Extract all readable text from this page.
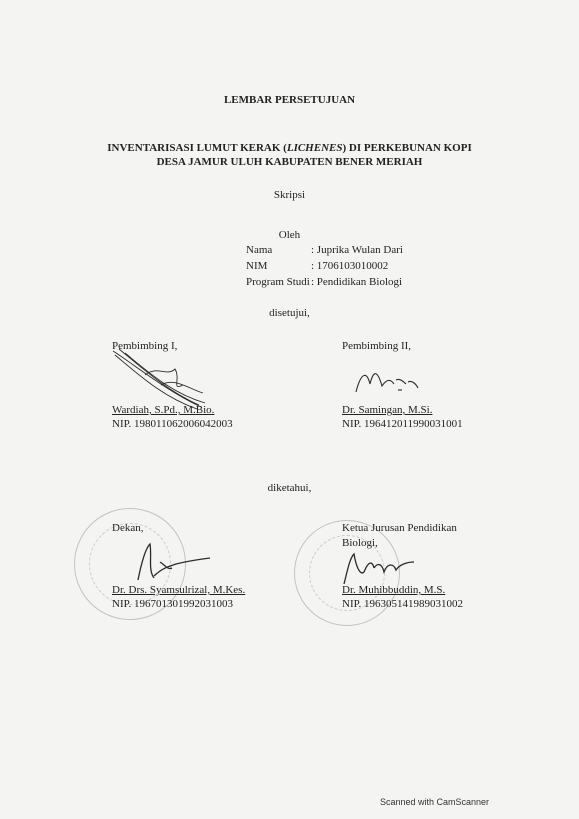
LEMBAR PERSETUJUAN
INVENTARISASI LUMUT KERAK (LICHENES) DI PERKEBUNAN KOPI
DESA JAMUR ULUH KABUPATEN BENER MERIAH
Skripsi
Oleh
Nama	: Juprika Wulan Dari
NIM	: 1706103010002
Program Studi : Pendidikan Biologi
disetujui,
Pembimbing I,	Pembimbing II,
Wardiah, S.Pd., M.Bio.
NIP. 198011062006042003
Dr. Samingan, M.Si.
NIP. 196412011990031001
diketahui,
Dekan,	Ketua Jurusan Pendidikan
Biologi,
Dr. Drs. Syamsulrizal, M.Kes.
NIP. 196701301992031003
Dr. Muhibbuddin, M.S.
NIP. 196305141989031002
Scanned with CamScanner
